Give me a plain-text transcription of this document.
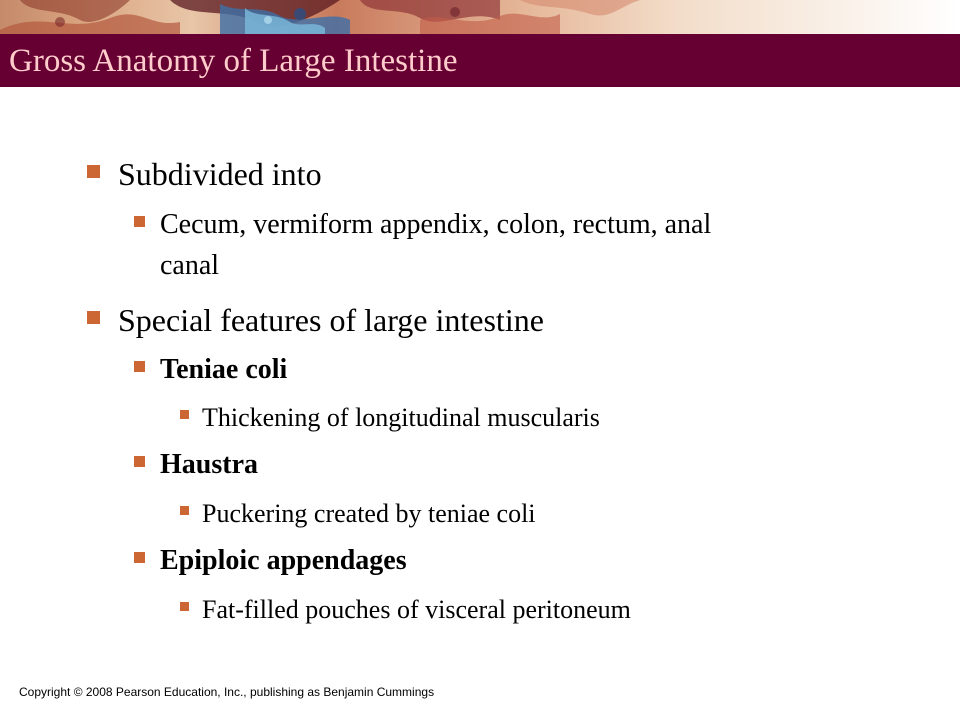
Gross Anatomy of Large Intestine
Subdivided into
Cecum, vermiform appendix, colon, rectum, anal
canal
Special features of large intestine
Teniae coli
Thickening of longitudinal muscularis
Haustra
Puckering created by teniae coli
Epiploic appendages
Fat-filled pouches of visceral peritoneum
Copyright © 2008 Pearson Education, Inc., publishing as Benjamin Cummings
